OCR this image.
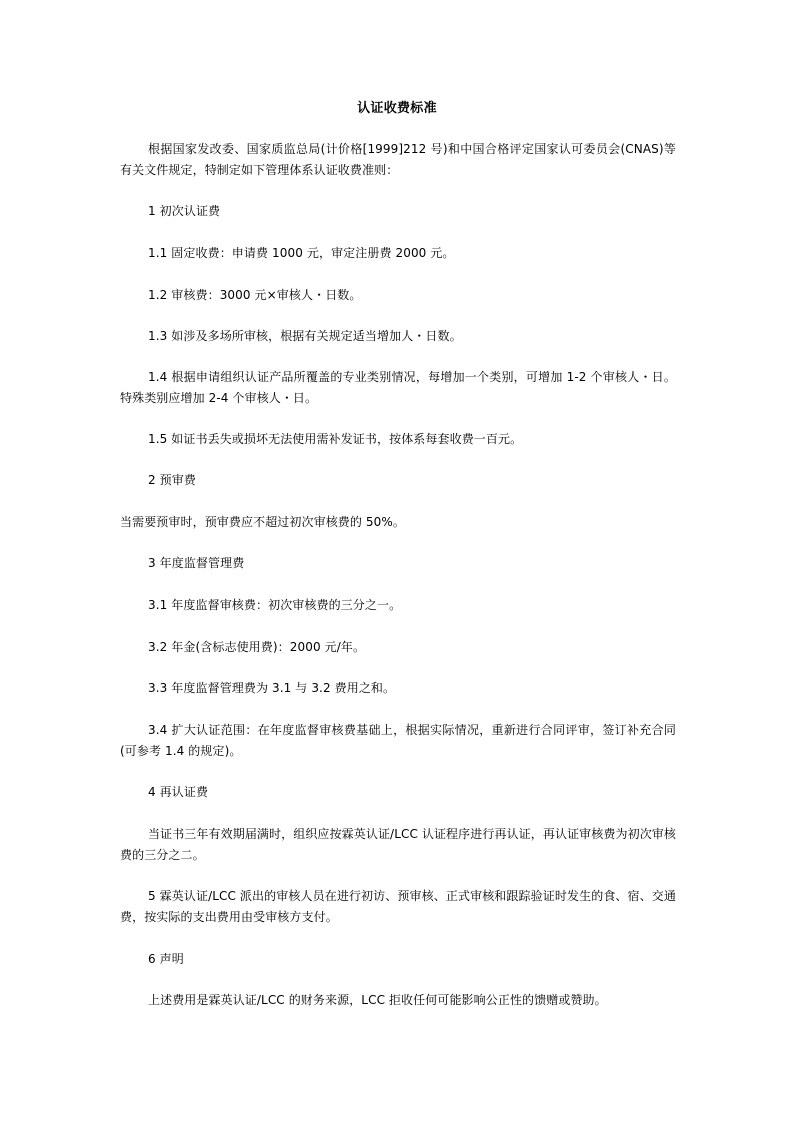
认证收费标准
根据国家发改委、国家质监总局(计价格[1999]212 号)和中国合格评定国家认可委员会(CNAS)等有关文件规定，特制定如下管理体系认证收费准则：
1 初次认证费
1.1 固定收费：申请费 1000 元，审定注册费 2000 元。
1.2 审核费：3000 元×审核人・日数。
1.3 如涉及多场所审核，根据有关规定适当增加人・日数。
1.4 根据申请组织认证产品所覆盖的专业类别情况，每增加一个类别，可增加 1-2 个审核人・日。特殊类别应增加 2-4 个审核人・日。
1.5 如证书丢失或损坏无法使用需补发证书，按体系每套收费一百元。
2 预审费
当需要预审时，预审费应不超过初次审核费的 50%。
3 年度监督管理费
3.1 年度监督审核费：初次审核费的三分之一。
3.2 年金(含标志使用费)：2000 元/年。
3.3 年度监督管理费为 3.1 与 3.2 费用之和。
3.4 扩大认证范围：在年度监督审核费基础上，根据实际情况，重新进行合同评审，签订补充合同(可参考 1.4 的规定)。
4 再认证费
当证书三年有效期届满时，组织应按霖英认证/LCC 认证程序进行再认证，再认证审核费为初次审核费的三分之二。
5 霖英认证/LCC 派出的审核人员在进行初访、预审核、正式审核和跟踪验证时发生的食、宿、交通费，按实际的支出费用由受审核方支付。
6 声明
上述费用是霖英认证/LCC 的财务来源，LCC 拒收任何可能影响公正性的馈赠或赞助。
